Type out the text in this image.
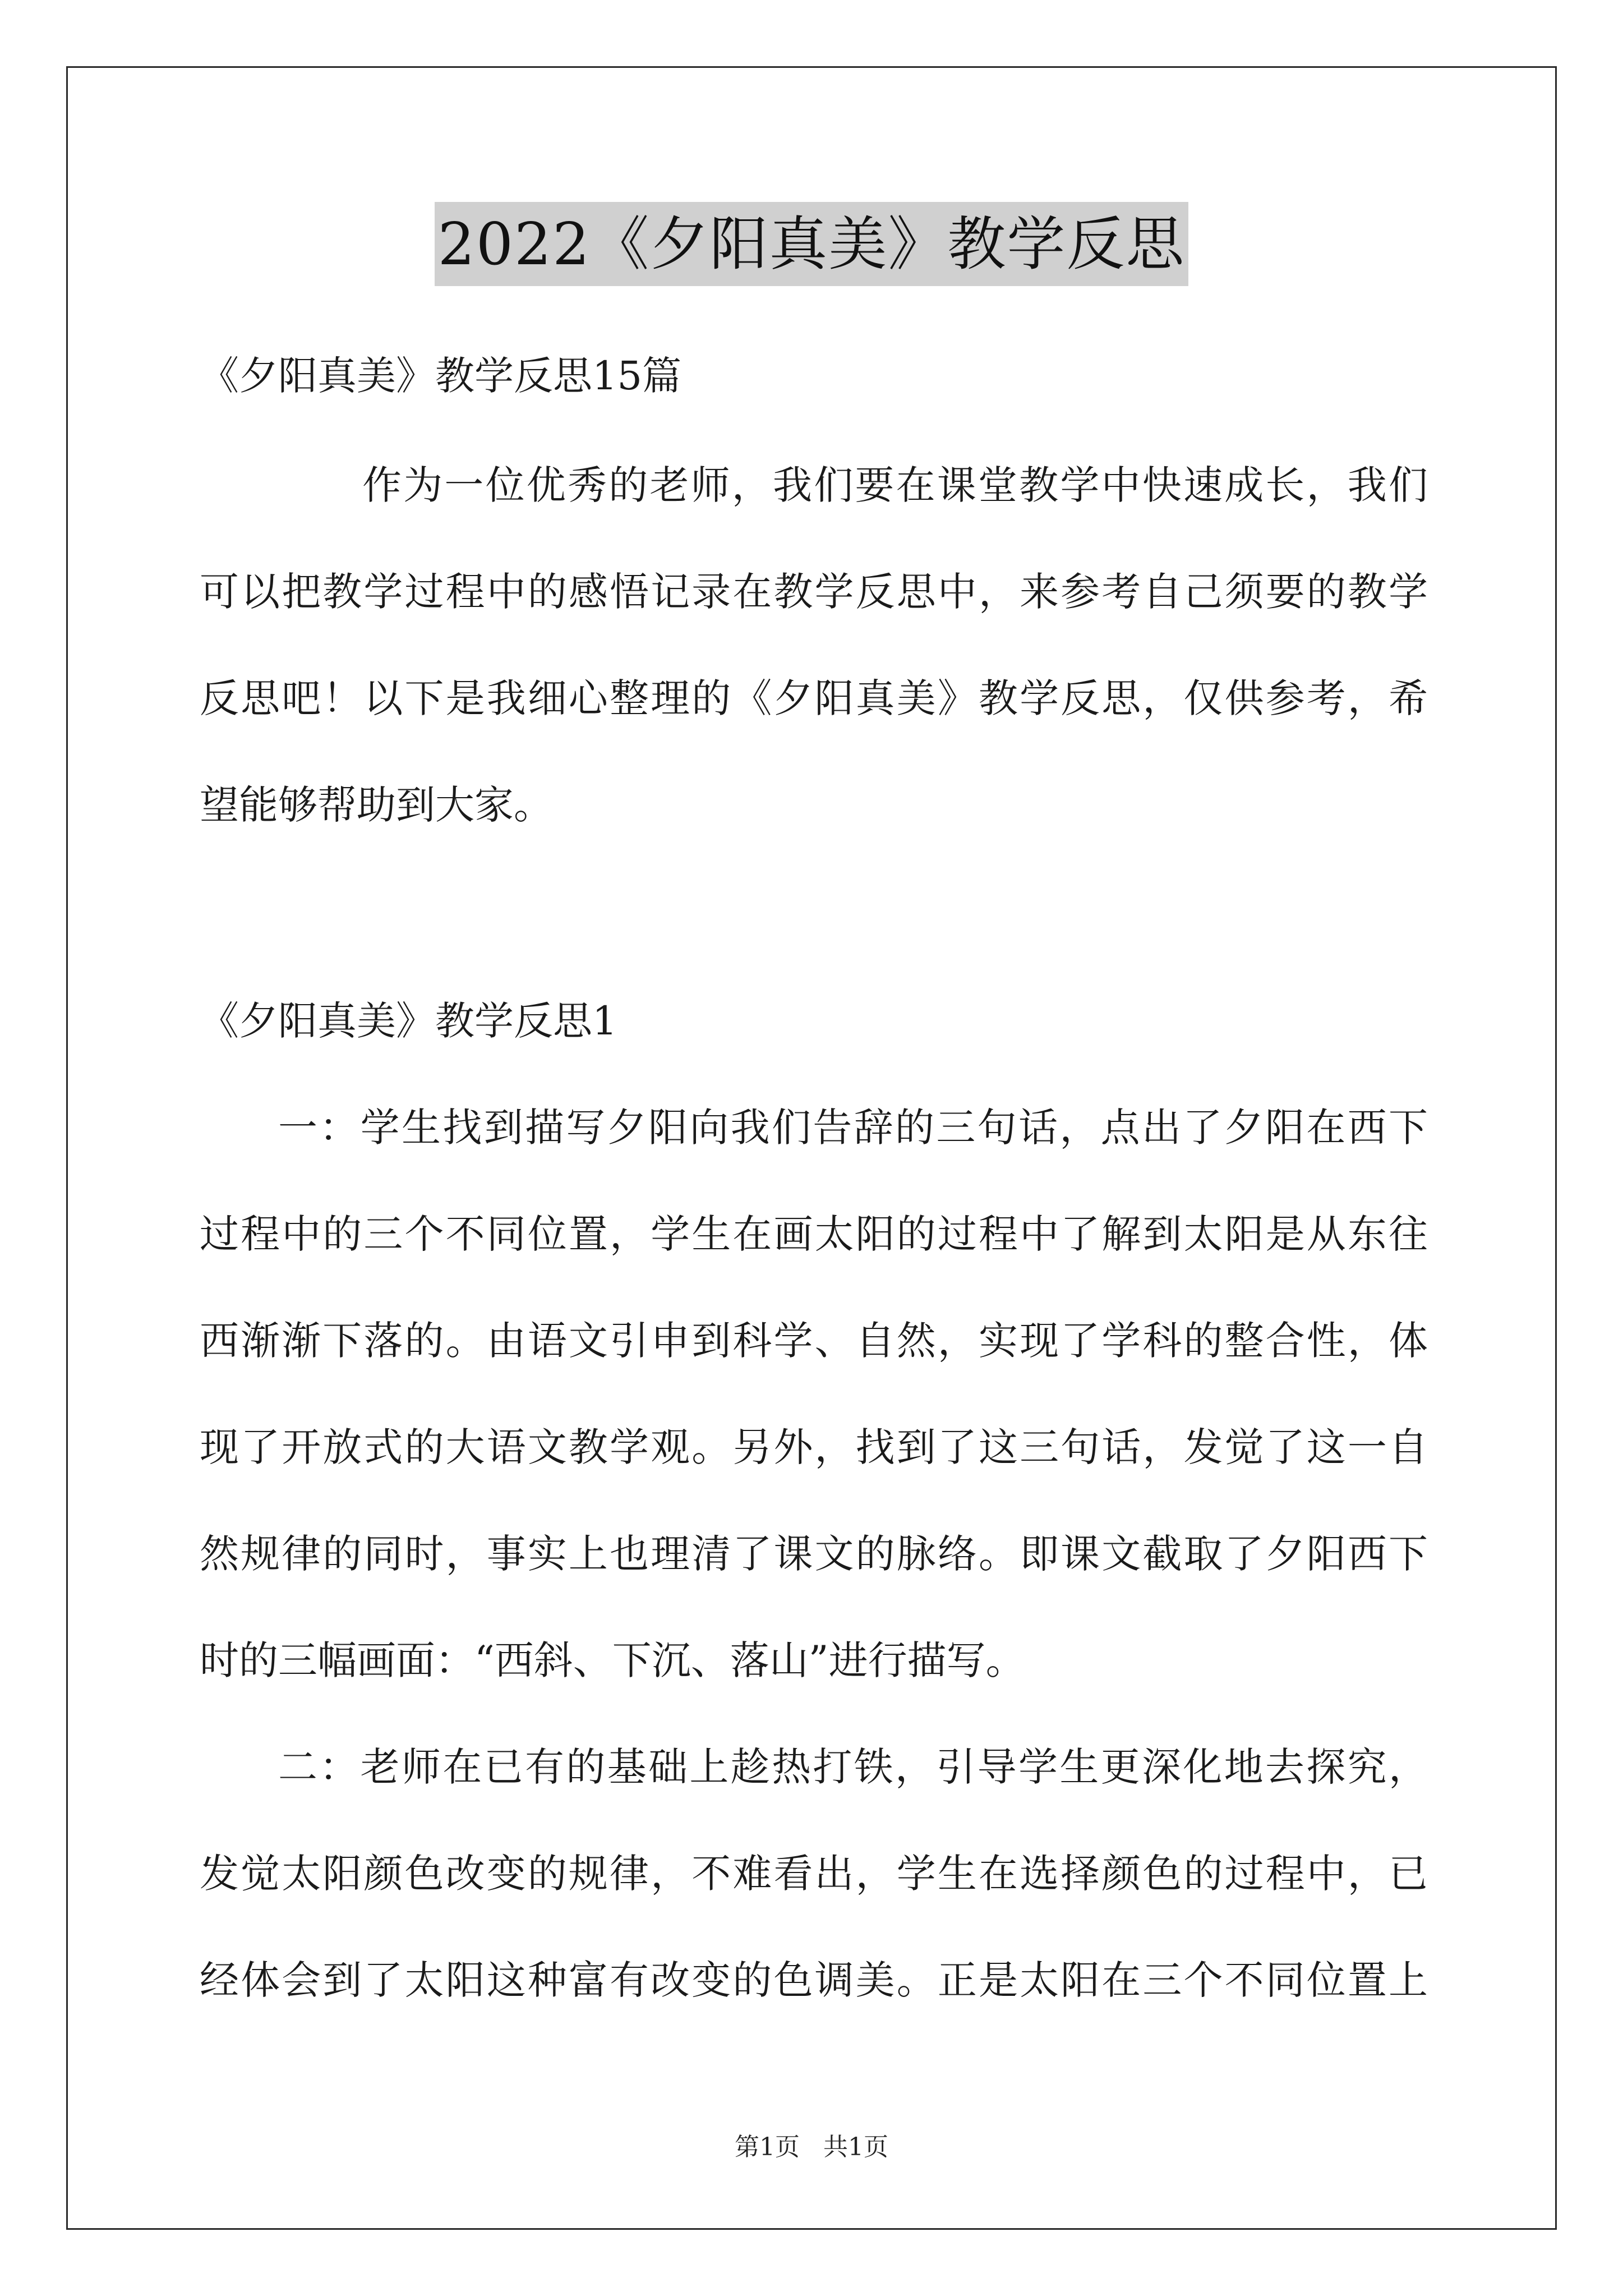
2022《夕阳真美》教学反思
《夕阳真美》教学反思15篇
作为一位优秀的老师，我们要在课堂教学中快速成长，我们
可以把教学过程中的感悟记录在教学反思中，来参考自己须要的教学
反思吧！以下是我细心整理的《夕阳真美》教学反思，仅供参考，希
望能够帮助到大家。
《夕阳真美》教学反思1
一：学生找到描写夕阳向我们告辞的三句话，点出了夕阳在西下
过程中的三个不同位置，学生在画太阳的过程中了解到太阳是从东往
西渐渐下落的。由语文引申到科学、自然，实现了学科的整合性，体
现了开放式的大语文教学观。另外，找到了这三句话，发觉了这一自
然规律的同时，事实上也理清了课文的脉络。即课文截取了夕阳西下
时的三幅画面：“西斜、下沉、落山”进行描写。
二：老师在已有的基础上趁热打铁，引导学生更深化地去探究，
发觉太阳颜色改变的规律，不难看出，学生在选择颜色的过程中，已
经体会到了太阳这种富有改变的色调美。正是太阳在三个不同位置上
第1页   共1页
